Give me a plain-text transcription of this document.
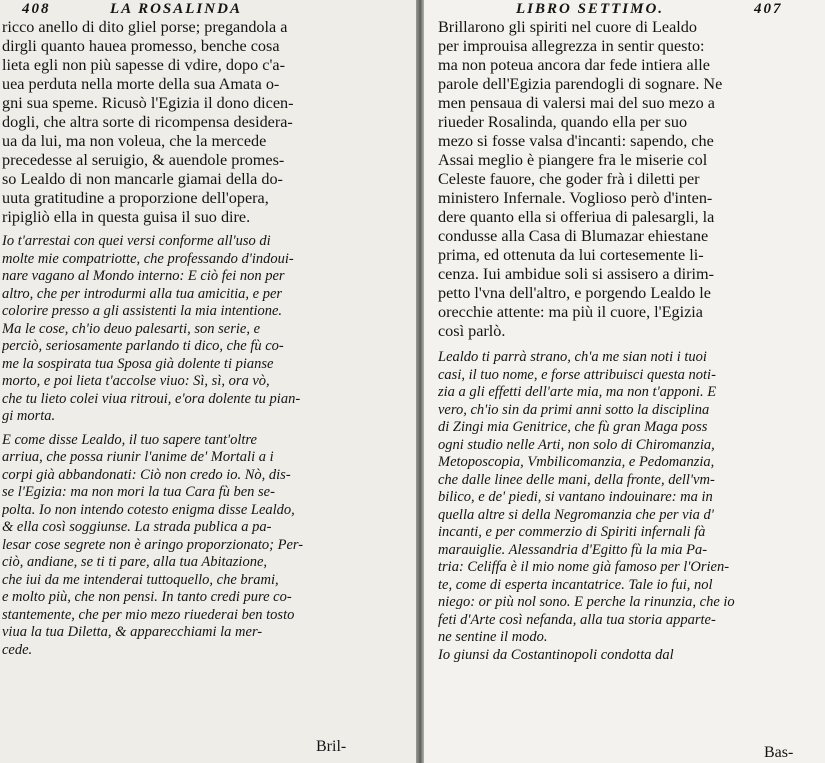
408	LA ROSALINDA
ricco anello di dito gliel porse; pregandola a
dirgli quanto hauea promesso, benche cosa
lieta egli non più sapesse di vdire, dopo c'a-
uea perduta nella morte della sua Amata o-
gni sua speme. Ricusò l'Egizia il dono dicen-
dogli, che altra sorte di ricompensa desidera-
ua da lui, ma non voleua, che la mercede
precedesse al seruigio, & auendole promes-
so Lealdo di non mancarle giamai della do-
uuta gratitudine a proporzione dell'opera,
ripigliò ella in questa guisa il suo dire.
Io t'arrestai con quei versi conforme all'uso di
molte mie compatriotte, che professando d'indoui-
nare vagano al Mondo interno: E ciò fei non per
altro, che per introdurmi alla tua amicitia, e per
colorire presso a gli assistenti la mia intentione.
Ma le cose, ch'io deuo palesarti, son serie, e
perciò, seriosamente parlando ti dico, che fù co-
me la sospirata tua Sposa già dolente ti pianse
morto, e poi lieta t'accolse viuo: Sì, sì, ora vò,
che tu lieto colei viua ritroui, e'ora dolente tu pian-
gi morta.
E come disse Lealdo, il tuo sapere tant'oltre
arriua, che possa riunir l'anime de' Mortali a i
corpi già abbandonati: Ciò non credo io. Nò, dis-
se l'Egizia: ma non mori la tua Cara fù ben se-
polta. Io non intendo cotesto enigma disse Lealdo,
& ella così soggiunse. La strada publica a pa-
lesar cose segrete non è aringo proporzionato; Per-
ciò, andiane, se ti ti pare, alla tua Abitazione,
che iui da me intenderai tuttoquello, che brami,
e molto più, che non pensi. In tanto credi pure co-
stantemente, che per mio mezo riuederai ben tosto
viua la tua Diletta, & apparecchiami la mer-
cede.
Bril-
LIBRO SETTIMO.	407
Brillarono gli spiriti nel cuore di Lealdo
per improuisa allegrezza in sentir questo:
ma non poteua ancora dar fede intiera alle
parole dell'Egizia parendogli di sognare. Ne
men pensaua di valersi mai del suo mezo a
riueder Rosalinda, quando ella per suo
mezo si fosse valsa d'incanti: sapendo, che
Assai meglio è piangere fra le miserie col
Celeste fauore, che goder frà i diletti per
ministero Infernale. Voglioso però d'inten-
dere quanto ella si offeriua di palesargli, la
condusse alla Casa di Blumazar ehiestane
prima, ed ottenuta da lui cortesemente li-
cenza. Iui ambidue soli si assisero a dirim-
petto l'vna dell'altro, e porgendo Lealdo le
orecchie attente: ma più il cuore, l'Egizia
così parlò.
Lealdo ti parrà strano, ch'a me sian noti i tuoi
casi, il tuo nome, e forse attribuisci questa noti-
zia a gli effetti dell'arte mia, ma non t'apponi. E
vero, ch'io sin da primi anni sotto la disciplina
di Zingi mia Genitrice, che fù gran Maga poss
ogni studio nelle Arti, non solo di Chiromanzia,
Metoposcopia, Vmbilicomanzia, e Pedomanzia,
che dalle linee delle mani, della fronte, dell'vm-
bilico, e de' piedi, si vantano indouinare: ma in
quella altre si della Negromanzia che per via d'
incanti, e per commerzio di Spiriti infernali fà
marauiglie. Alessandria d'Egitto fù la mia Pa-
tria: Celiffa è il mio nome già famoso per l'Orien-
te, come di esperta incantatrice. Tale io fui, nol
niego: or più nol sono. E perche la rinunzia, che io
feti d'Arte così nefanda, alla tua storia apparte-
ne sentine il modo.
Io giunsi da Costantinopoli condotta dal
Bas-
